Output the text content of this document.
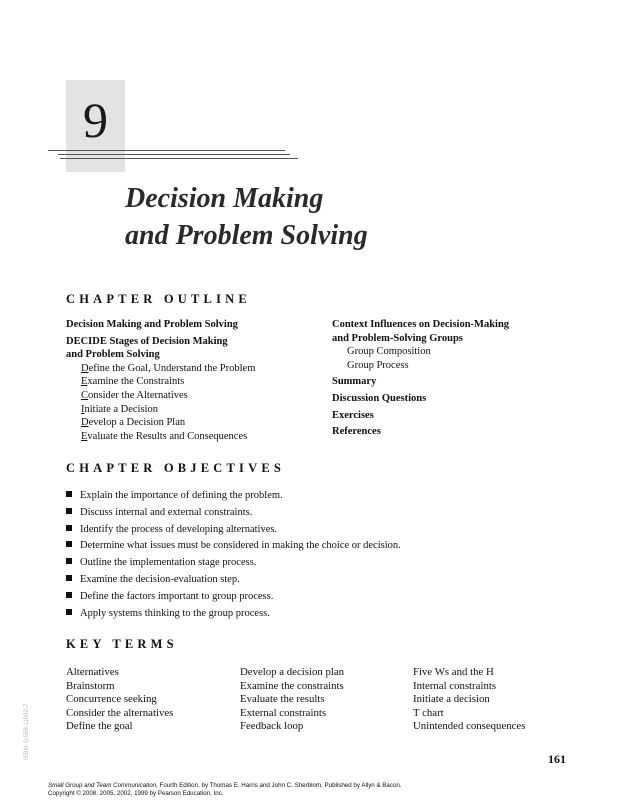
9
Decision Making
and Problem Solving
CHAPTER OUTLINE
Decision Making and Problem Solving
DECIDE Stages of Decision Making
and Problem Solving
Define the Goal, Understand the Problem
Examine the Constraints
Consider the Alternatives
Initiate a Decision
Develop a Decision Plan
Evaluate the Results and Consequences
Context Influences on Decision-Making
and Problem-Solving Groups
Group Composition
Group Process
Summary
Discussion Questions
Exercises
References
CHAPTER OBJECTIVES
Explain the importance of defining the problem.
Discuss internal and external constraints.
Identify the process of developing alternatives.
Determine what issues must be considered in making the choice or decision.
Outline the implementation stage process.
Examine the decision-evaluation step.
Define the factors important to group process.
Apply systems thinking to the group process.
KEY TERMS
Alternatives
Brainstorm
Concurrence seeking
Consider the alternatives
Define the goal
Develop a decision plan
Examine the constraints
Evaluate the results
External constraints
Feedback loop
Five Ws and the H
Internal constraints
Initiate a decision
T chart
Unintended consequences
ISBN: 0-558-11092-7	161
Small Group and Team Communication, Fourth Edition, by Thomas E. Harris and John C. Sherblom. Published by Allyn & Bacon.
Copyright © 2008, 2005, 2002, 1999 by Pearson Education, Inc.
